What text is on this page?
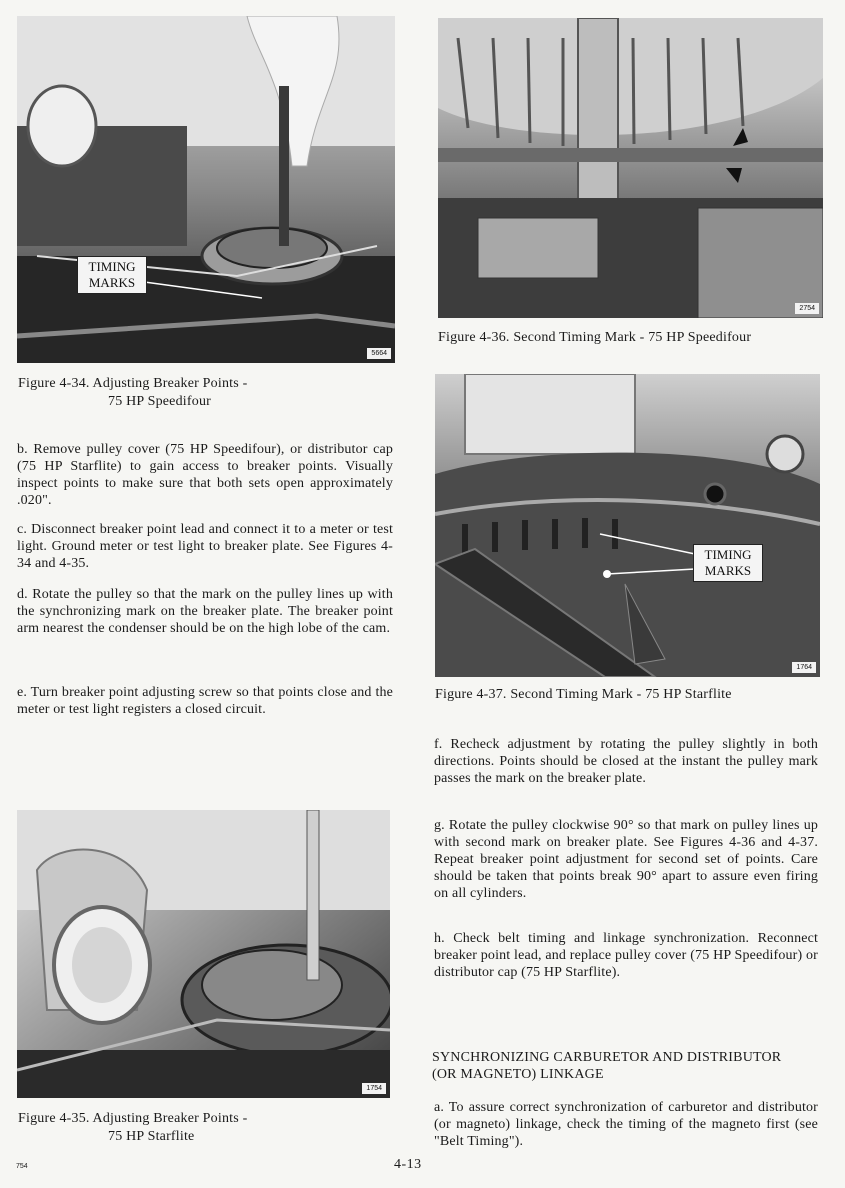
TIMING
MARKS
5664
Figure 4-34. Adjusting Breaker Points -
75 HP Speedifour

b. Remove pulley cover (75 HP Speedifour), or distributor cap (75 HP Starflite) to gain access to breaker points. Visually inspect points to make sure that both sets open approximately .020".

c. Disconnect breaker point lead and connect it to a meter or test light. Ground meter or test light to breaker plate. See Figures 4-34 and 4-35.

d. Rotate the pulley so that the mark on the pulley lines up with the synchronizing mark on the breaker plate. The breaker point arm nearest the condenser should be on the high lobe of the cam.

e. Turn breaker point adjusting screw so that points close and the meter or test light registers a closed circuit.

1754
Figure 4-35. Adjusting Breaker Points -
75 HP Starflite
2754
Figure 4-36. Second Timing Mark - 75 HP Speedifour
TIMING
MARKS
1764
Figure 4-37. Second Timing Mark - 75 HP Starflite

f. Recheck adjustment by rotating the pulley slightly in both directions. Points should be closed at the instant the pulley mark passes the mark on the breaker plate.

g. Rotate the pulley clockwise 90° so that mark on pulley lines up with second mark on breaker plate. See Figures 4-36 and 4-37. Repeat breaker point adjustment for second set of points. Care should be taken that points break 90° apart to assure even firing on all cylinders.

h. Check belt timing and linkage synchronization. Reconnect breaker point lead, and replace pulley cover (75 HP Speedifour) or distributor cap (75 HP Starflite).

SYNCHRONIZING CARBURETOR AND DISTRIBUTOR
(OR MAGNETO) LINKAGE

a. To assure correct synchronization of carburetor and distributor (or magneto) linkage, check the timing of the magneto first (see "Belt Timing").

754	4-13
